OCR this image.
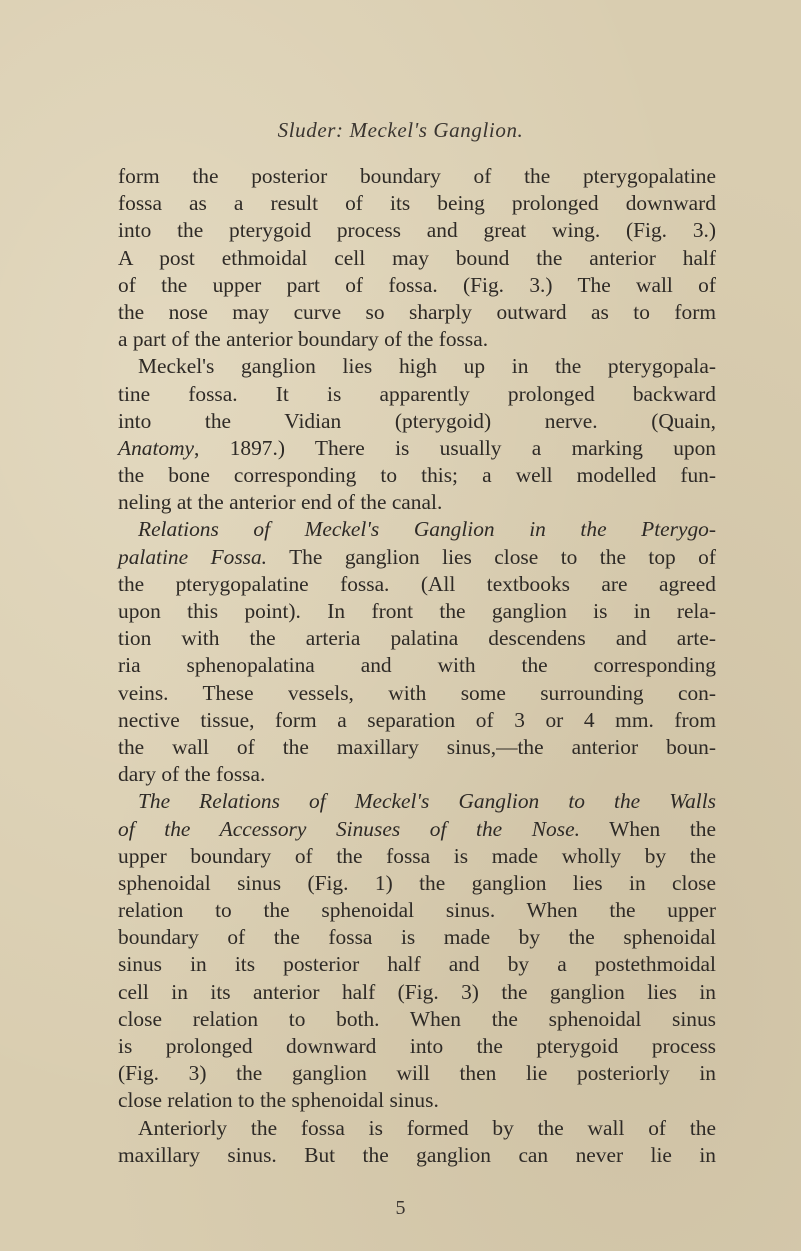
Sluder: Meckel's Ganglion.
form the posterior boundary of the pterygopalatine
fossa as a result of its being prolonged downward
into the pterygoid process and great wing. (Fig. 3.)
A post ethmoidal cell may bound the anterior half
of the upper part of fossa. (Fig. 3.) The wall of
the nose may curve so sharply outward as to form
a part of the anterior boundary of the fossa.
Meckel's ganglion lies high up in the pterygopala-
tine fossa. It is apparently prolonged backward
into the Vidian (pterygoid) nerve. (Quain,
Anatomy, 1897.) There is usually a marking upon
the bone corresponding to this; a well modelled fun-
neling at the anterior end of the canal.
Relations of Meckel's Ganglion in the Pterygo-
palatine Fossa. The ganglion lies close to the top of
the pterygopalatine fossa. (All textbooks are agreed
upon this point). In front the ganglion is in rela-
tion with the arteria palatina descendens and arte-
ria sphenopalatina and with the corresponding
veins. These vessels, with some surrounding con-
nective tissue, form a separation of 3 or 4 mm. from
the wall of the maxillary sinus,—the anterior boun-
dary of the fossa.
The Relations of Meckel's Ganglion to the Walls
of the Accessory Sinuses of the Nose. When the
upper boundary of the fossa is made wholly by the
sphenoidal sinus (Fig. 1) the ganglion lies in close
relation to the sphenoidal sinus. When the upper
boundary of the fossa is made by the sphenoidal
sinus in its posterior half and by a postethmoidal
cell in its anterior half (Fig. 3) the ganglion lies in
close relation to both. When the sphenoidal sinus
is prolonged downward into the pterygoid process
(Fig. 3) the ganglion will then lie posteriorly in
close relation to the sphenoidal sinus.
Anteriorly the fossa is formed by the wall of the
maxillary sinus. But the ganglion can never lie in
5
